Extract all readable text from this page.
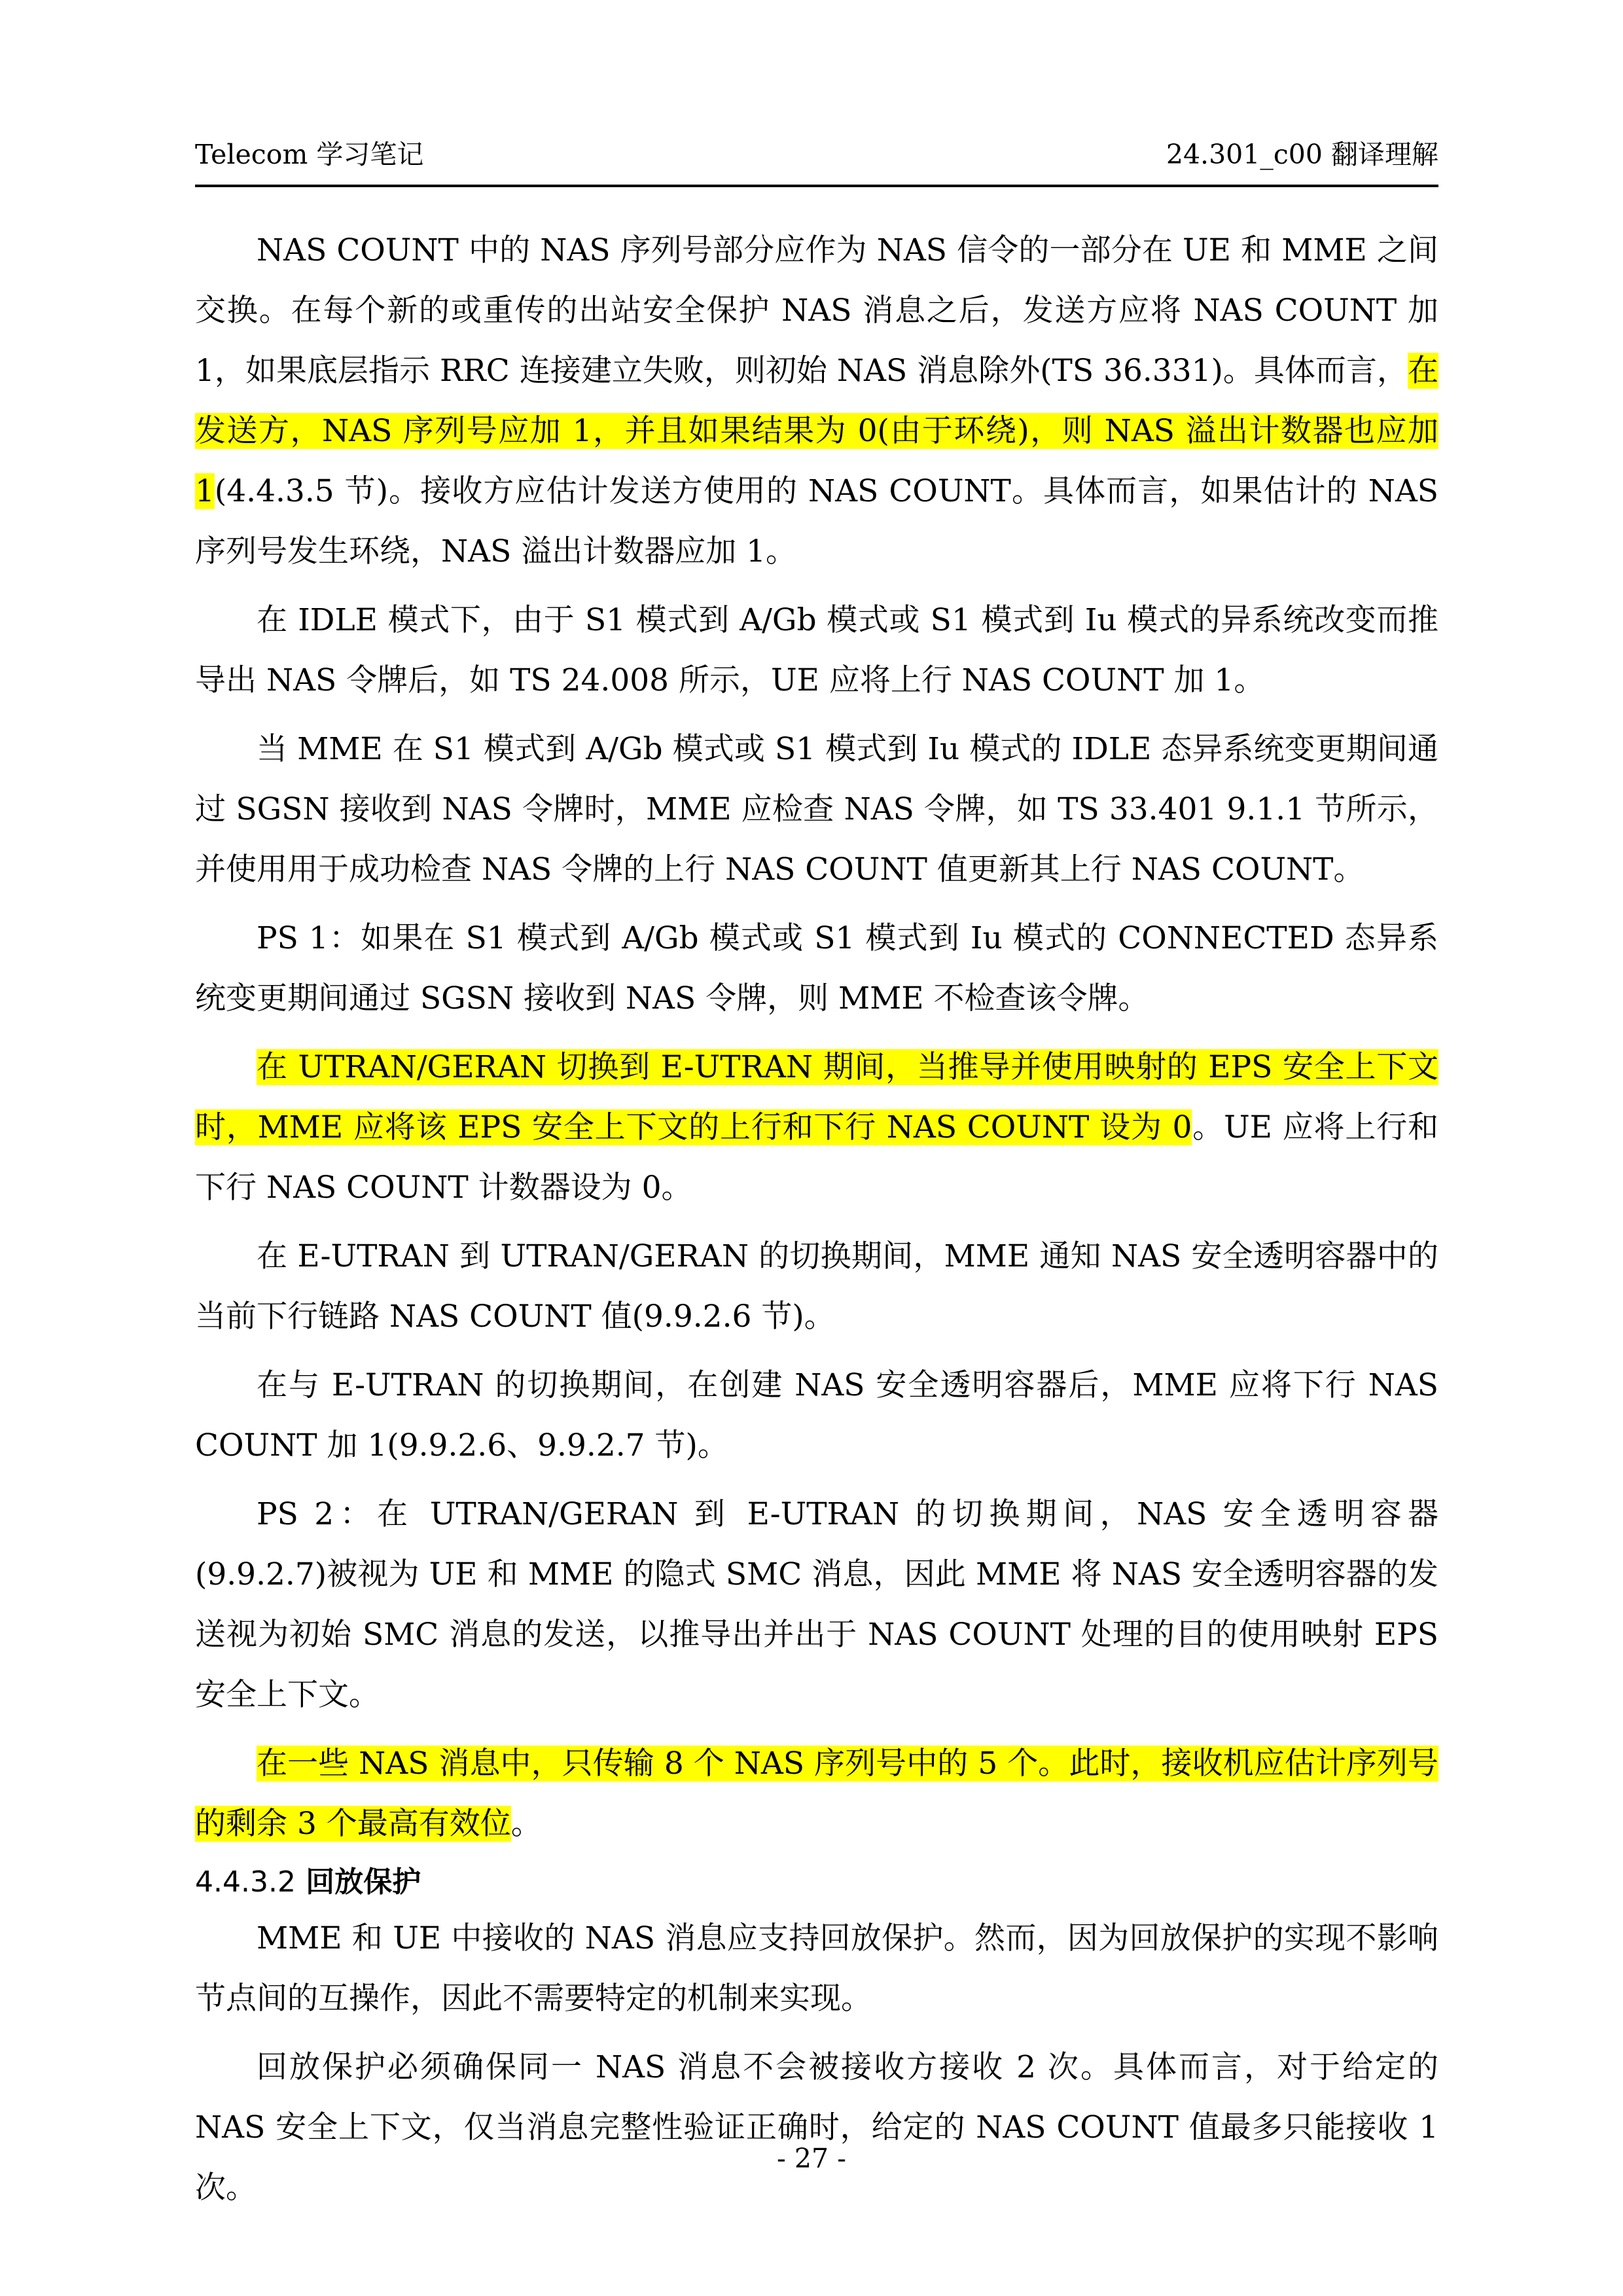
Telecom 学习笔记	24.301_c00 翻译理解

NAS COUNT 中的 NAS 序列号部分应作为 NAS 信令的一部分在 UE 和 MME 之间交换。在每个新的或重传的出站安全保护 NAS 消息之后，发送方应将 NAS COUNT 加 1，如果底层指示 RRC 连接建立失败，则初始 NAS 消息除外(TS 36.331)。具体而言，在发送方，NAS 序列号应加 1，并且如果结果为 0(由于环绕)，则 NAS 溢出计数器也应加 1(4.4.3.5 节)。接收方应估计发送方使用的 NAS COUNT。具体而言，如果估计的 NAS 序列号发生环绕，NAS 溢出计数器应加 1。

在 IDLE 模式下，由于 S1 模式到 A/Gb 模式或 S1 模式到 Iu 模式的异系统改变而推导出 NAS 令牌后，如 TS 24.008 所示，UE 应将上行 NAS COUNT 加 1。

当 MME 在 S1 模式到 A/Gb 模式或 S1 模式到 Iu 模式的 IDLE 态异系统变更期间通过 SGSN 接收到 NAS 令牌时，MME 应检查 NAS 令牌，如 TS 33.401 9.1.1 节所示，并使用用于成功检查 NAS 令牌的上行 NAS COUNT 值更新其上行 NAS COUNT。

PS 1：如果在 S1 模式到 A/Gb 模式或 S1 模式到 Iu 模式的 CONNECTED 态异系统变更期间通过 SGSN 接收到 NAS 令牌，则 MME 不检查该令牌。

在 UTRAN/GERAN 切换到 E-UTRAN 期间，当推导并使用映射的 EPS 安全上下文时，MME 应将该 EPS 安全上下文的上行和下行 NAS COUNT 设为 0。UE 应将上行和下行 NAS COUNT 计数器设为 0。

在 E-UTRAN 到 UTRAN/GERAN 的切换期间，MME 通知 NAS 安全透明容器中的当前下行链路 NAS COUNT 值(9.9.2.6 节)。

在与 E-UTRAN 的切换期间，在创建 NAS 安全透明容器后，MME 应将下行 NAS COUNT 加 1(9.9.2.6、9.9.2.7 节)。

PS 2：在 UTRAN/GERAN 到 E-UTRAN 的切换期间，NAS 安全透明容器(9.9.2.7)被视为 UE 和 MME 的隐式 SMC 消息，因此 MME 将 NAS 安全透明容器的发送视为初始 SMC 消息的发送，以推导出并出于 NAS COUNT 处理的目的使用映射 EPS 安全上下文。

在一些 NAS 消息中，只传输 8 个 NAS 序列号中的 5 个。此时，接收机应估计序列号的剩余 3 个最高有效位。

4.4.3.2 回放保护

MME 和 UE 中接收的 NAS 消息应支持回放保护。然而，因为回放保护的实现不影响节点间的互操作，因此不需要特定的机制来实现。

回放保护必须确保同一 NAS 消息不会被接收方接收 2 次。具体而言，对于给定的 NAS 安全上下文，仅当消息完整性验证正确时，给定的 NAS COUNT 值最多只能接收 1 次。

- 27 -
